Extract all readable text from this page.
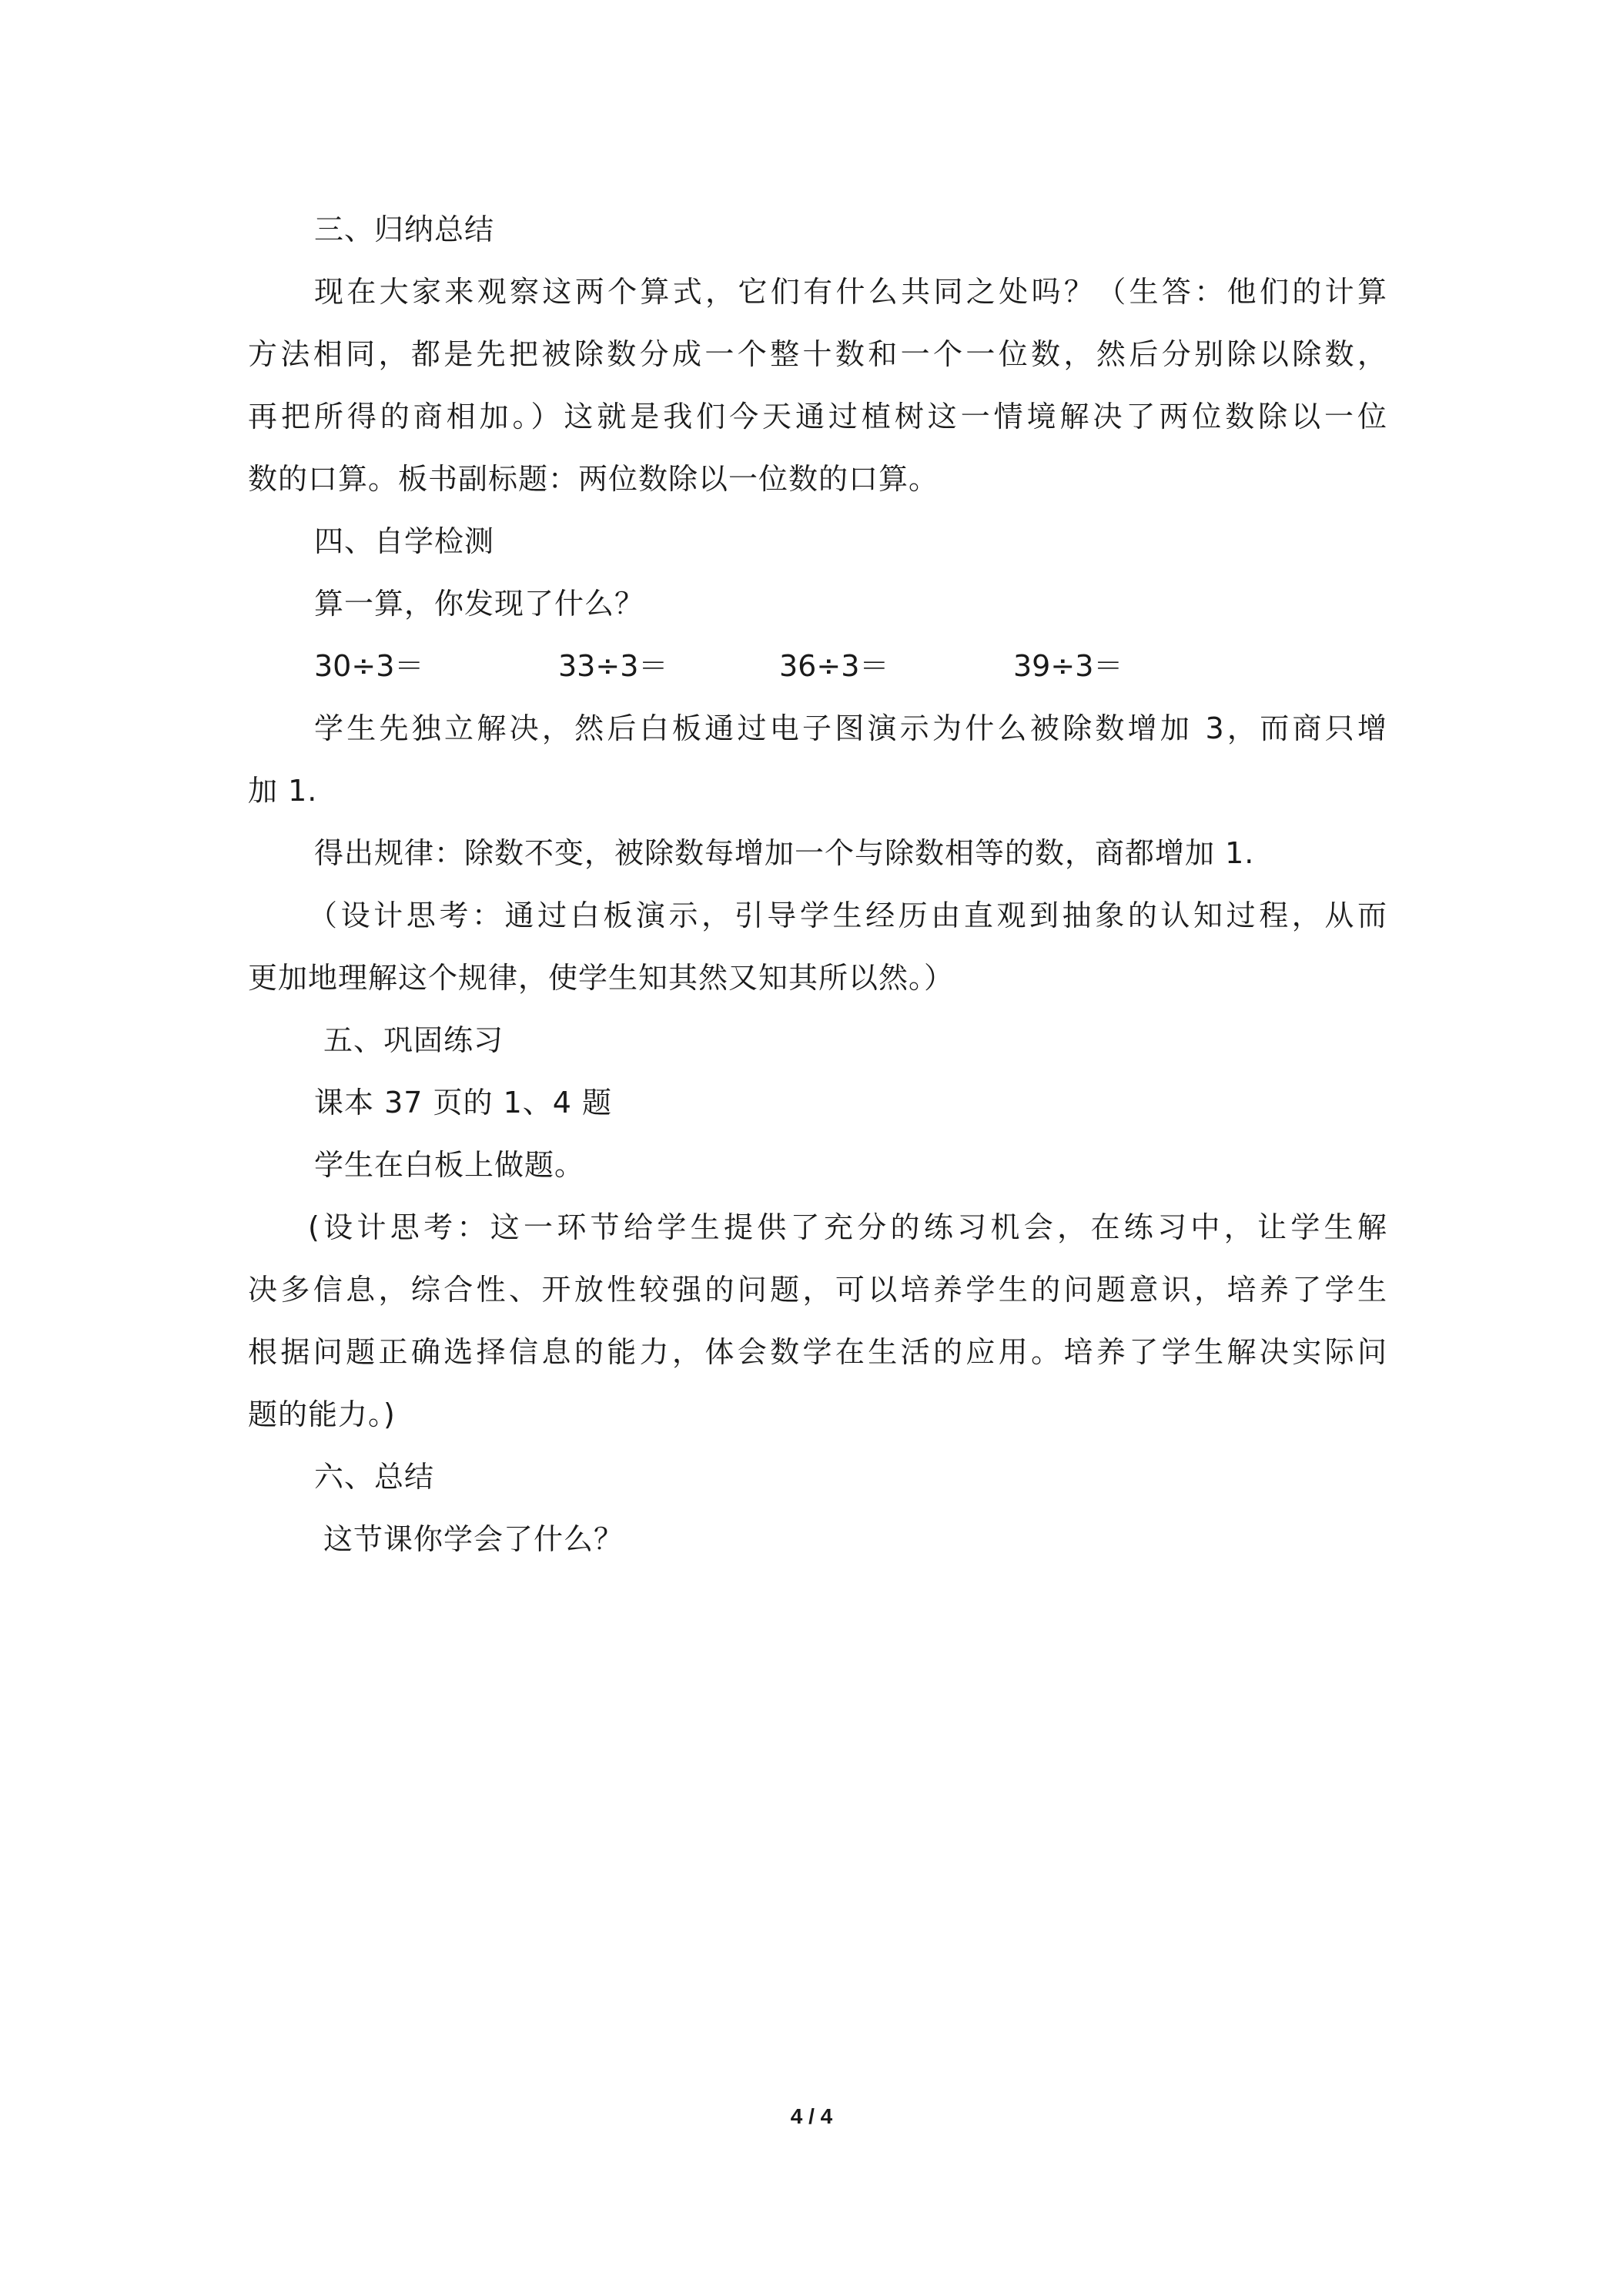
三、归纳总结
现在大家来观察这两个算式，它们有什么共同之处吗？（生答：他们的计算
方法相同，都是先把被除数分成一个整十数和一个一位数，然后分别除以除数，
再把所得的商相加。）这就是我们今天通过植树这一情境解决了两位数除以一位
数的口算。板书副标题：两位数除以一位数的口算。
四、自学检测
算一算，你发现了什么？
30÷3＝	33÷3＝	36÷3＝	39÷3＝
学生先独立解决，然后白板通过电子图演示为什么被除数增加 3，而商只增
加 1.
得出规律：除数不变，被除数每增加一个与除数相等的数，商都增加 1.
（设计思考：通过白板演示，引导学生经历由直观到抽象的认知过程，从而
更加地理解这个规律，使学生知其然又知其所以然。）
五、巩固练习
课本 37 页的 1、4 题
学生在白板上做题。
(设计思考：这一环节给学生提供了充分的练习机会，在练习中，让学生解
决多信息，综合性、开放性较强的问题，可以培养学生的问题意识，培养了学生
根据问题正确选择信息的能力，体会数学在生活的应用。培养了学生解决实际问
题的能力。)
六、总结
这节课你学会了什么？
4 / 4
